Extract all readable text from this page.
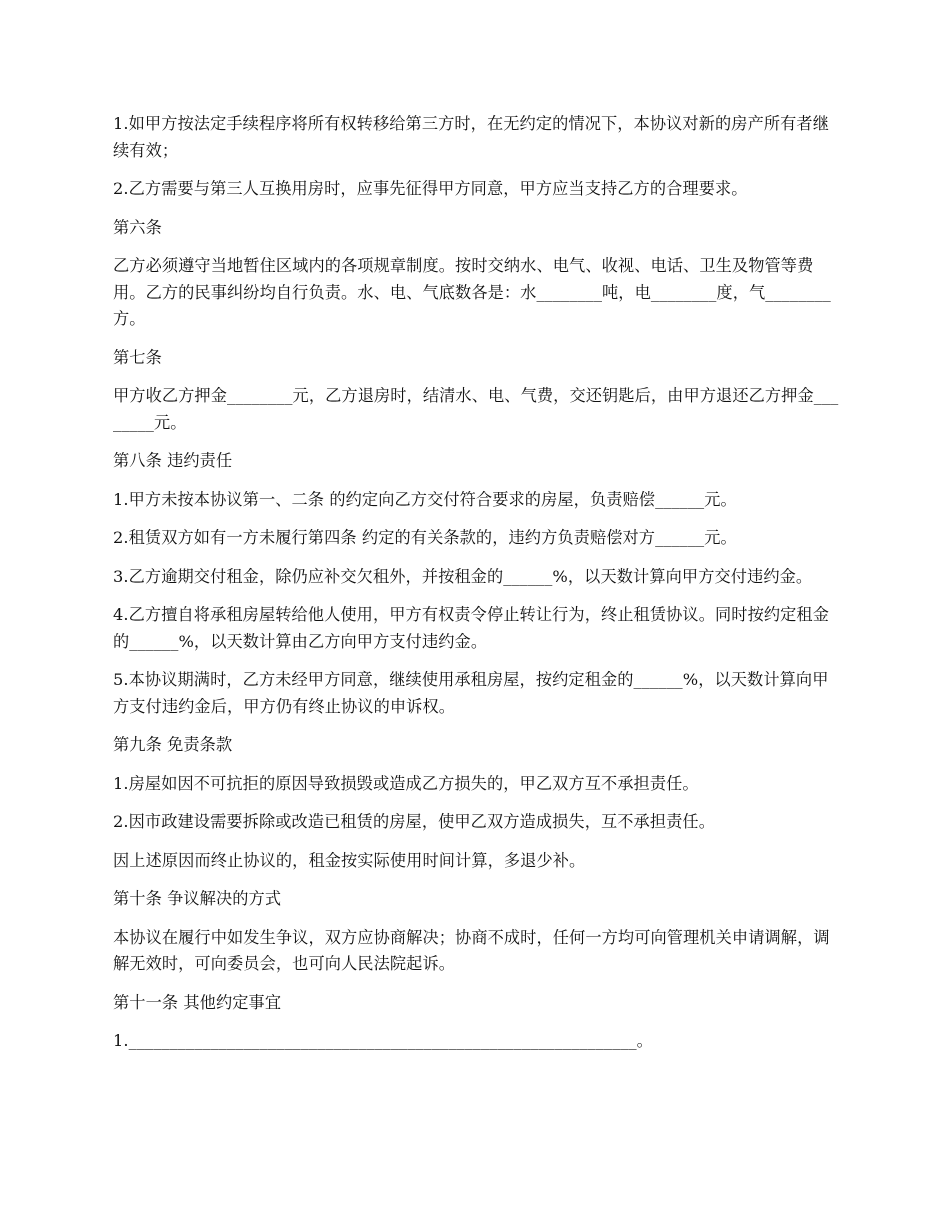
1.如甲方按法定手续程序将所有权转移给第三方时，在无约定的情况下，本协议对新的房产所有者继续有效；

2.乙方需要与第三人互换用房时，应事先征得甲方同意，甲方应当支持乙方的合理要求。

第六条

乙方必须遵守当地暂住区域内的各项规章制度。按时交纳水、电气、收视、电话、卫生及物管等费用。乙方的民事纠纷均自行负责。水、电、气底数各是：水________吨，电________度，气________方。

第七条

甲方收乙方押金________元，乙方退房时，结清水、电、气费，交还钥匙后，由甲方退还乙方押金________元。

第八条 违约责任

1.甲方未按本协议第一、二条 的约定向乙方交付符合要求的房屋，负责赔偿______元。

2.租赁双方如有一方未履行第四条 约定的有关条款的，违约方负责赔偿对方______元。

3.乙方逾期交付租金，除仍应补交欠租外，并按租金的______%，以天数计算向甲方交付违约金。

4.乙方擅自将承租房屋转给他人使用，甲方有权责令停止转让行为，终止租赁协议。同时按约定租金的______%，以天数计算由乙方向甲方支付违约金。

5.本协议期满时，乙方未经甲方同意，继续使用承租房屋，按约定租金的______%，以天数计算向甲方支付违约金后，甲方仍有终止协议的申诉权。

第九条 免责条款

1.房屋如因不可抗拒的原因导致损毁或造成乙方损失的，甲乙双方互不承担责任。

2.因市政建设需要拆除或改造已租赁的房屋，使甲乙双方造成损失，互不承担责任。

因上述原因而终止协议的，租金按实际使用时间计算，多退少补。

第十条 争议解决的方式

本协议在履行中如发生争议，双方应协商解决；协商不成时，任何一方均可向管理机关申请调解，调解无效时，可向委员会，也可向人民法院起诉。

第十一条 其他约定事宜

1.______________________________________________________________。
